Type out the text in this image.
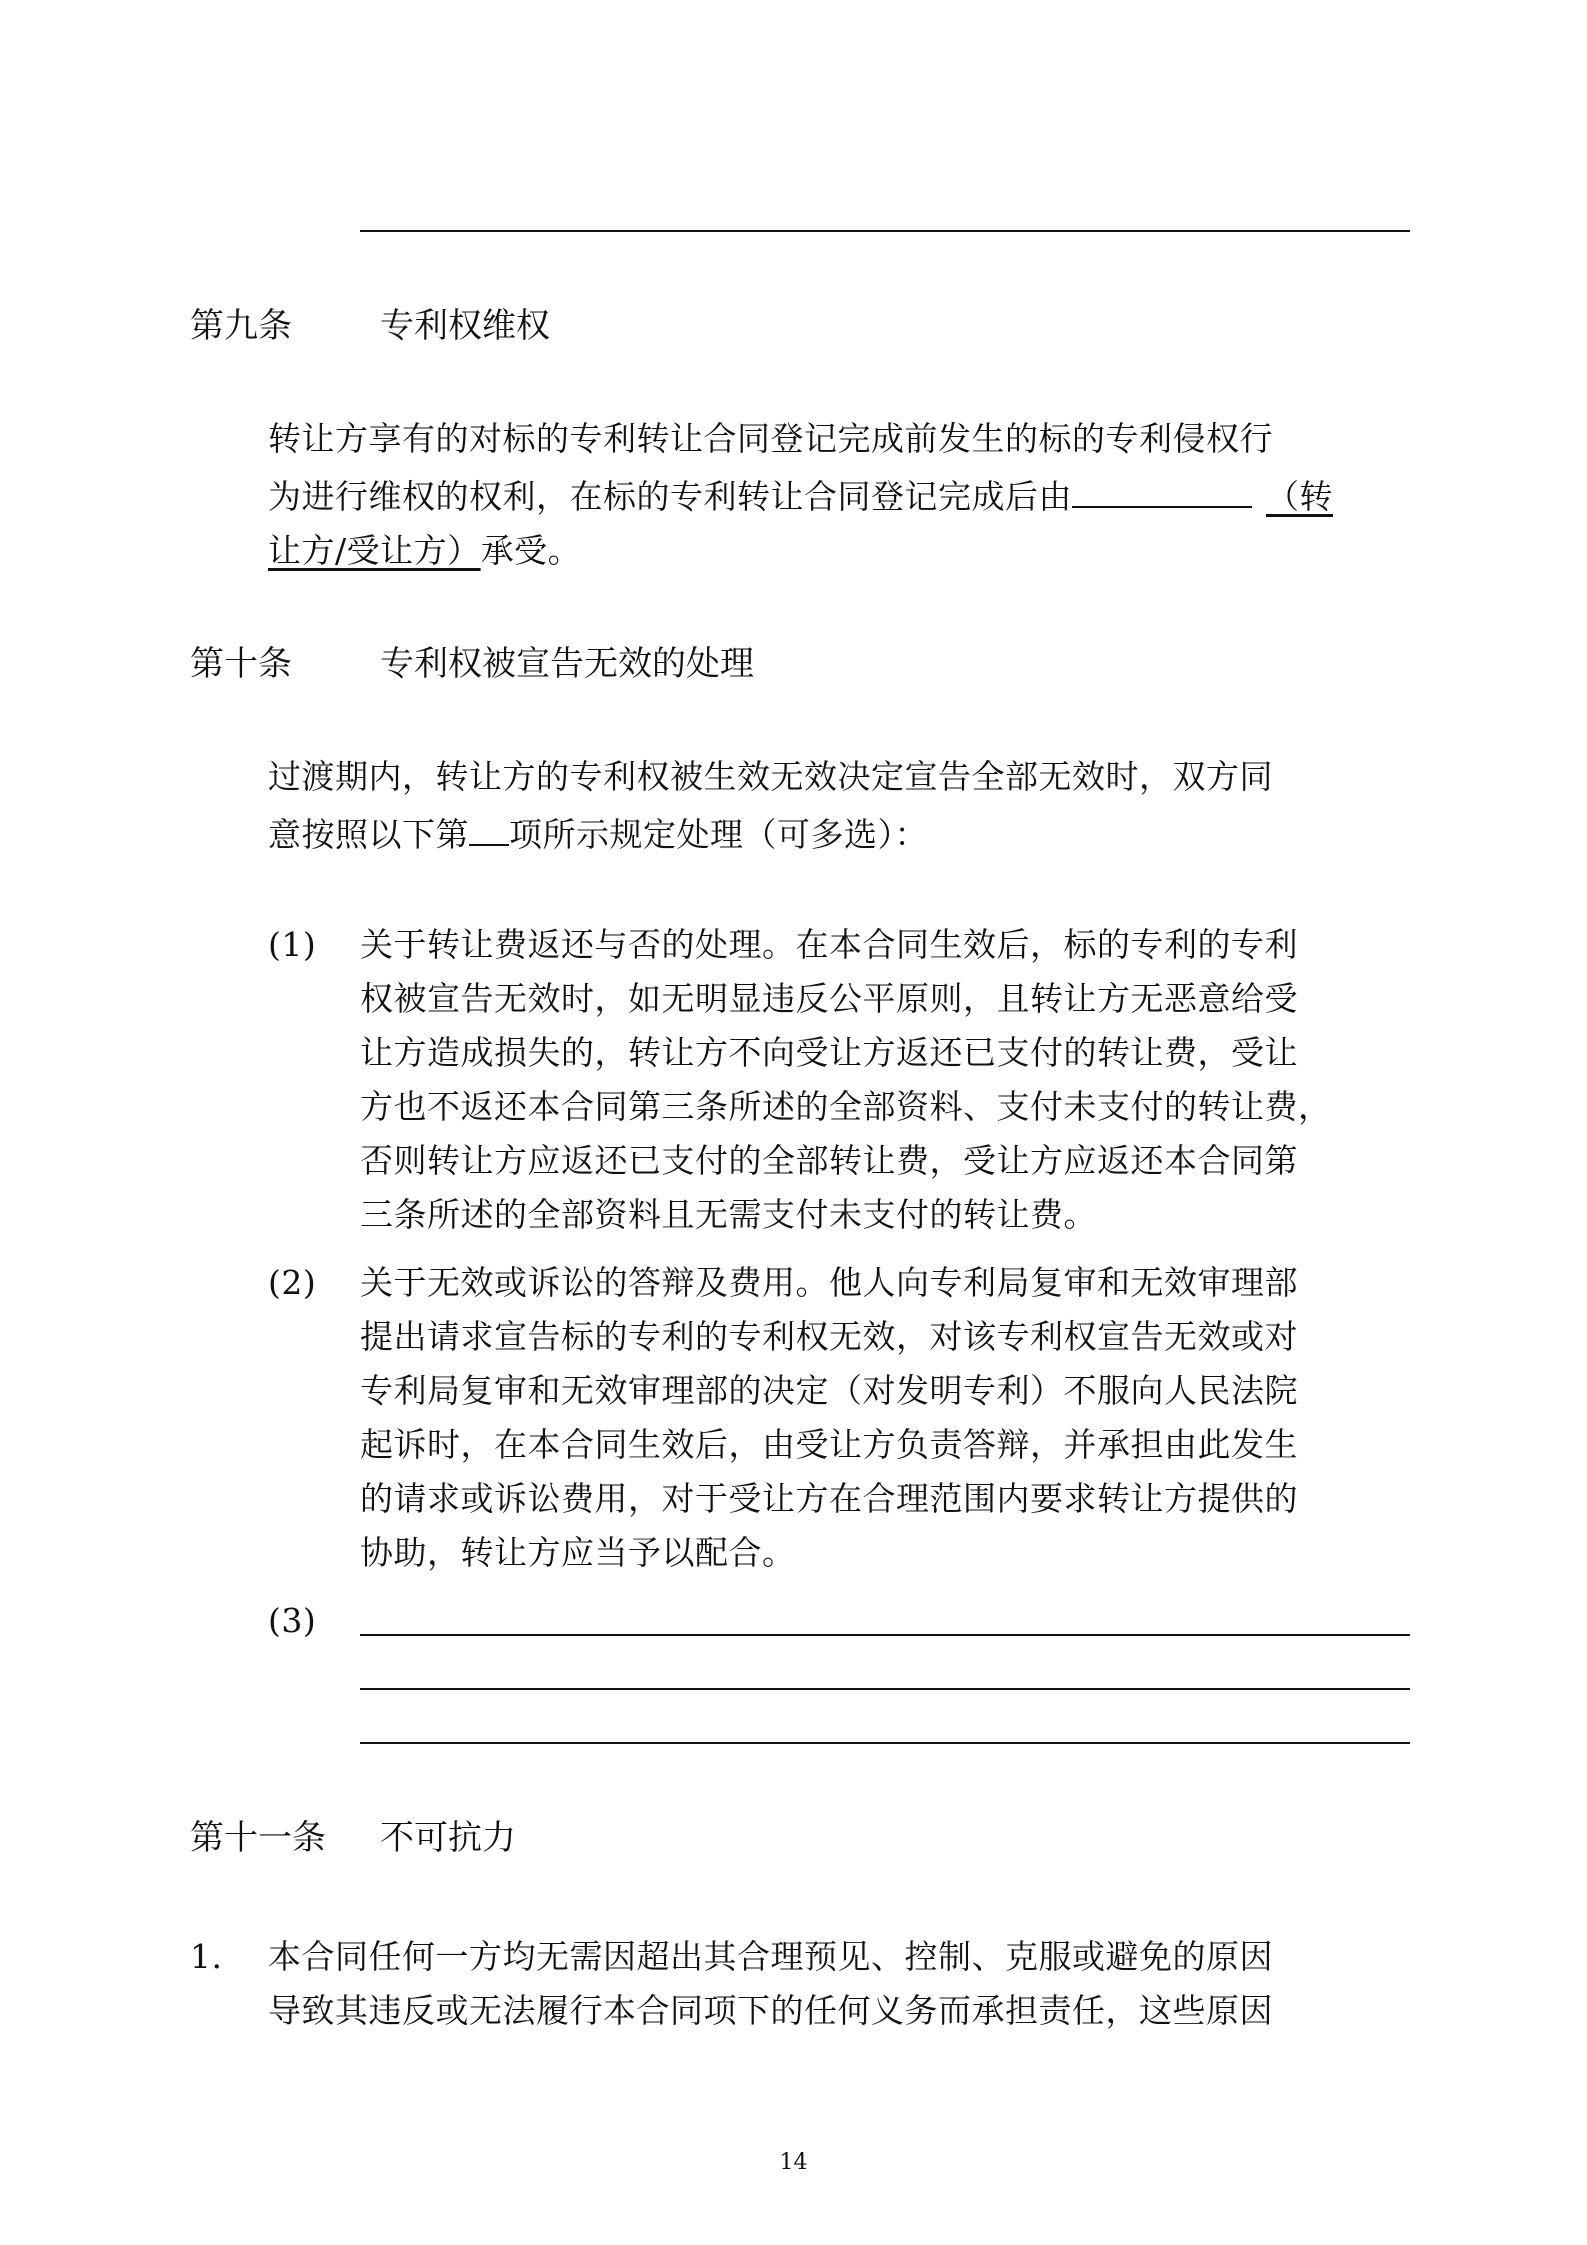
第九条	专利权维权

转让方享有的对标的专利转让合同登记完成前发生的标的专利侵权行

为进行维权的权利，在标的专利转让合同登记完成后由	（转

让方/受让方）承受。

第十条	专利权被宣告无效的处理

过渡期内，转让方的专利权被生效无效决定宣告全部无效时，双方同

意按照以下第 项所示规定处理（可多选）：

(1)	关于转让费返还与否的处理。在本合同生效后，标的专利的专利

权被宣告无效时，如无明显违反公平原则，且转让方无恶意给受

让方造成损失的，转让方不向受让方返还已支付的转让费，受让

方也不返还本合同第三条所述的全部资料、支付未支付的转让费，

否则转让方应返还已支付的全部转让费，受让方应返还本合同第

三条所述的全部资料且无需支付未支付的转让费。

(2)	关于无效或诉讼的答辩及费用。他人向专利局复审和无效审理部

提出请求宣告标的专利的专利权无效，对该专利权宣告无效或对

专利局复审和无效审理部的决定（对发明专利）不服向人民法院

起诉时，在本合同生效后，由受让方负责答辩，并承担由此发生

的请求或诉讼费用，对于受让方在合理范围内要求转让方提供的

协助，转让方应当予以配合。

(3)
第十一条 不可抗力
1.	本合同任何一方均无需因超出其合理预见、控制、克服或避免的原因

导致其违反或无法履行本合同项下的任何义务而承担责任，这些原因

14
